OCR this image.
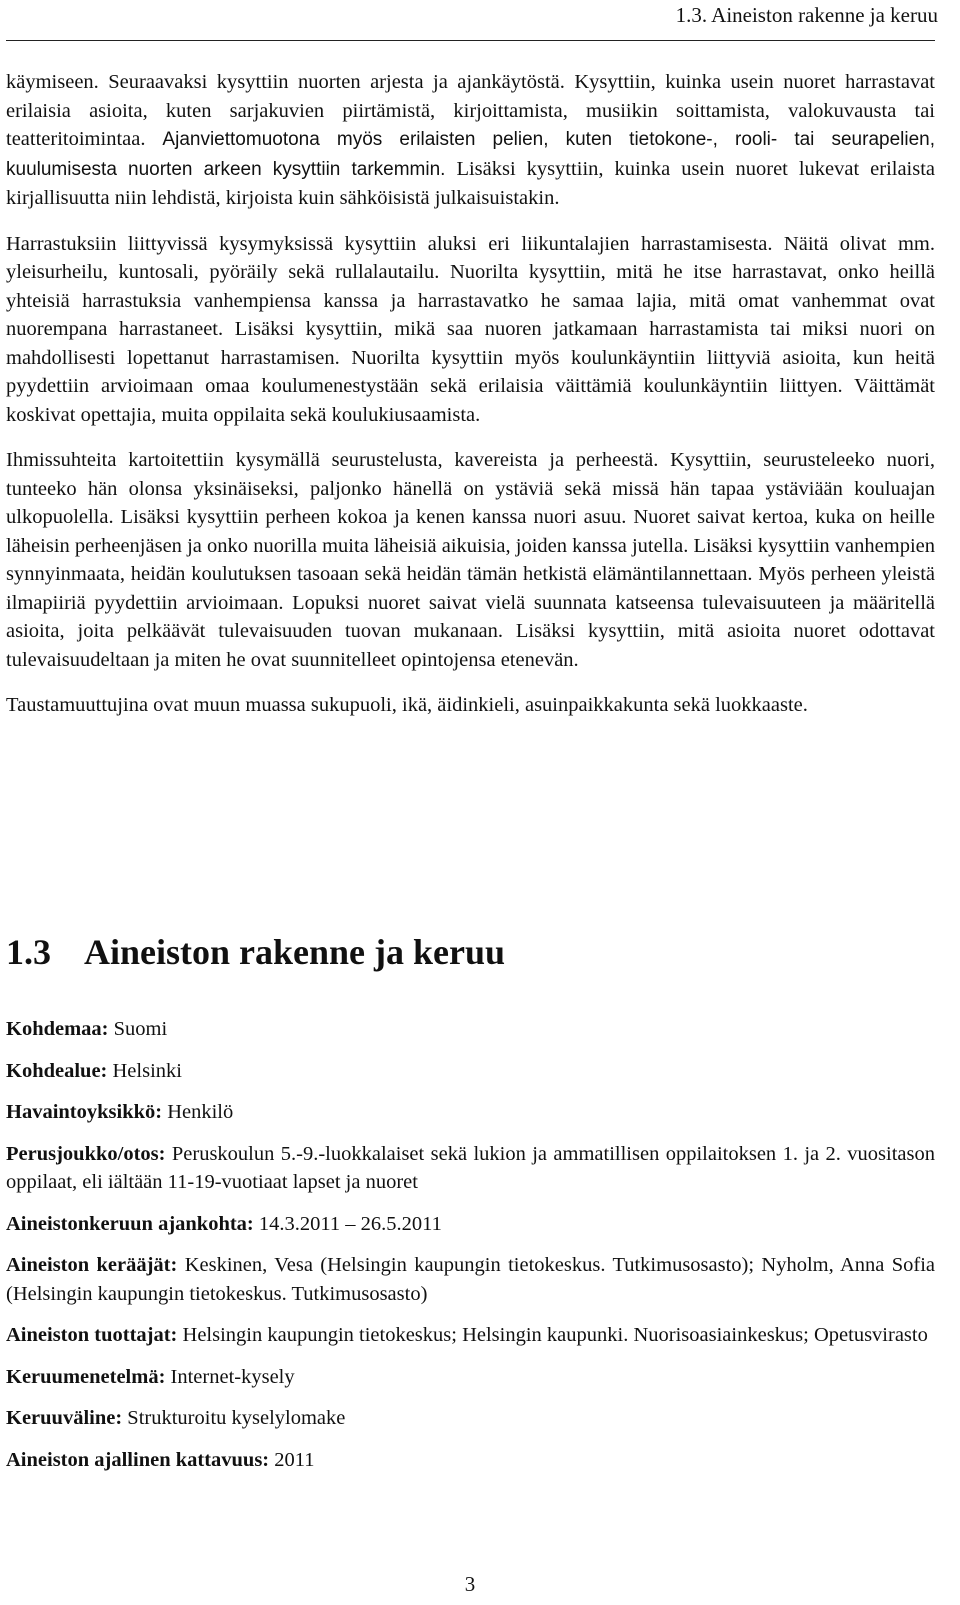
1.3. Aineiston rakenne ja keruu

käymiseen. Seuraavaksi kysyttiin nuorten arjesta ja ajankäytöstä. Kysyttiin, kuinka usein nuoret harrastavat erilaisia asioita, kuten sarjakuvien piirtämistä, kirjoittamista, musiikin soittamista, valokuvausta tai teatteritoimintaa. Ajanviettomuotona myös erilaisten pelien, kuten tietokone-, rooli- tai seurapelien, kuulumisesta nuorten arkeen kysyttiin tarkemmin. Lisäksi kysyttiin, kuinka usein nuoret lukevat erilaista kirjallisuutta niin lehdistä, kirjoista kuin sähköisistä julkaisuistakin.

Harrastuksiin liittyvissä kysymyksissä kysyttiin aluksi eri liikuntalajien harrastamisesta. Näitä olivat mm. yleisurheilu, kuntosali, pyöräily sekä rullalautailu. Nuorilta kysyttiin, mitä he itse harrastavat, onko heillä yhteisiä harrastuksia vanhempiensa kanssa ja harrastavatko he samaa lajia, mitä omat vanhemmat ovat nuorempana harrastaneet. Lisäksi kysyttiin, mikä saa nuoren jatkamaan harrastamista tai miksi nuori on mahdollisesti lopettanut harrastamisen. Nuorilta kysyttiin myös koulunkäyntiin liittyviä asioita, kun heitä pyydettiin arvioimaan omaa koulumenestystään sekä erilaisia väittämiä koulunkäyntiin liittyen. Väittämät koskivat opettajia, muita oppilaita sekä koulukiusaamista.

Ihmissuhteita kartoitettiin kysymällä seurustelusta, kavereista ja perheestä. Kysyttiin, seurusteleeko nuori, tunteeko hän olonsa yksinäiseksi, paljonko hänellä on ystäviä sekä missä hän tapaa ystäviään kouluajan ulkopuolella. Lisäksi kysyttiin perheen kokoa ja kenen kanssa nuori asuu. Nuoret saivat kertoa, kuka on heille läheisin perheenjäsen ja onko nuorilla muita läheisiä aikuisia, joiden kanssa jutella. Lisäksi kysyttiin vanhempien synnyinmaata, heidän koulutuksen tasoaan sekä heidän tämän hetkistä elämäntilannettaan. Myös perheen yleistä ilmapiiriä pyydettiin arvioimaan. Lopuksi nuoret saivat vielä suunnata katseensa tulevaisuuteen ja määritellä asioita, joita pelkäävät tulevaisuuden tuovan mukanaan. Lisäksi kysyttiin, mitä asioita nuoret odottavat tulevaisuudeltaan ja miten he ovat suunnitelleet opintojensa etenevän.

Taustamuuttujina ovat muun muassa sukupuoli, ikä, äidinkieli, asuinpaikkakunta sekä luokkaaste.

1.3 Aineiston rakenne ja keruu
Kohdemaa: Suomi
Kohdealue: Helsinki
Havaintoyksikkö: Henkilö
Perusjoukko/otos: Peruskoulun 5.-9.-luokkalaiset sekä lukion ja ammatillisen oppilaitoksen 1. ja 2. vuositason oppilaat, eli iältään 11-19-vuotiaat lapset ja nuoret
Aineistonkeruun ajankohta: 14.3.2011 – 26.5.2011
Aineiston kerääjät: Keskinen, Vesa (Helsingin kaupungin tietokeskus. Tutkimusosasto); Nyholm, Anna Sofia (Helsingin kaupungin tietokeskus. Tutkimusosasto)
Aineiston tuottajat: Helsingin kaupungin tietokeskus; Helsingin kaupunki. Nuorisoasiainkeskus; Opetusvirasto
Keruumenetelmä: Internet-kysely
Keruuväline: Strukturoitu kyselylomake
Aineiston ajallinen kattavuus: 2011
3
